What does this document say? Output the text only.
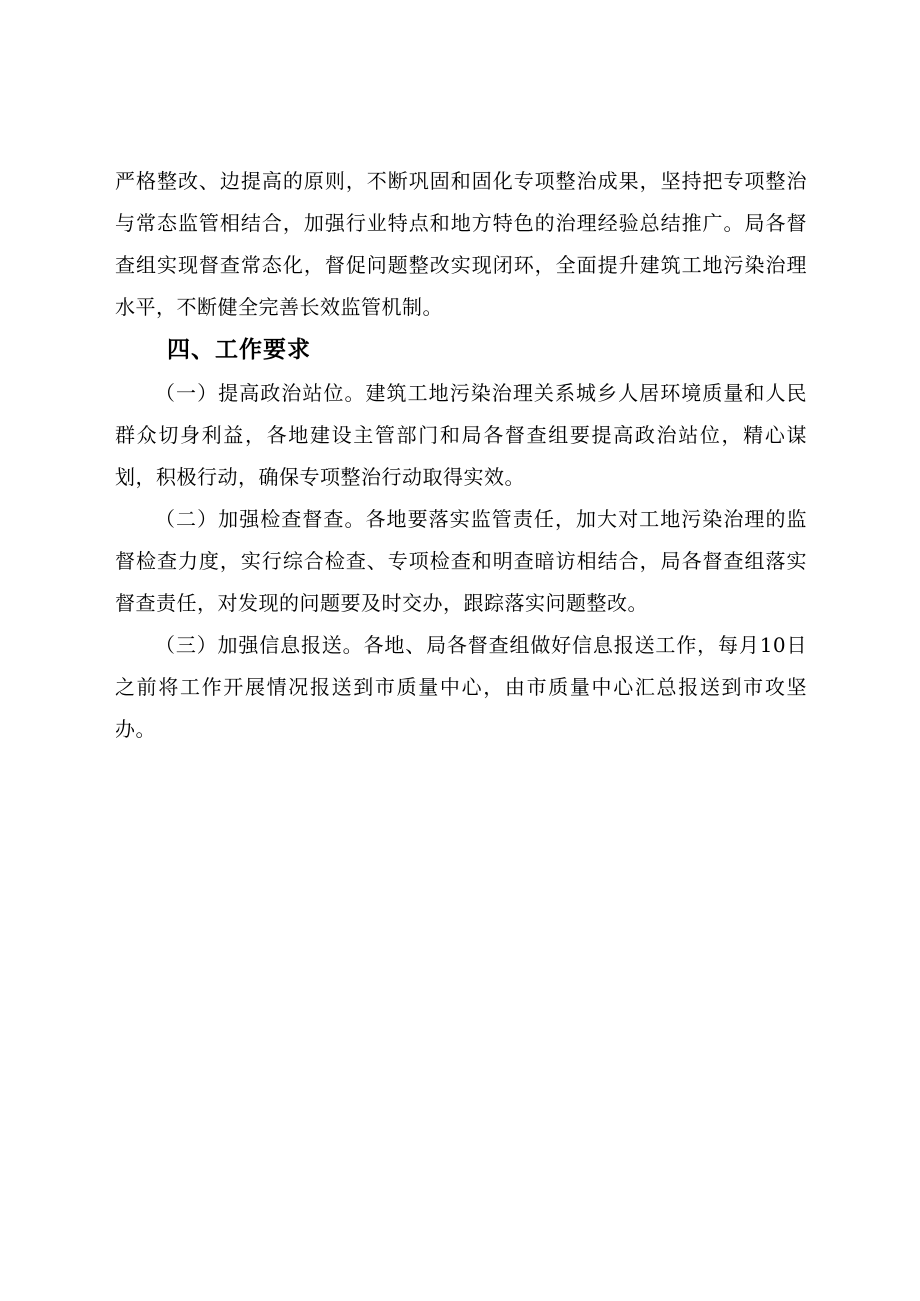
严格整改、边提高的原则，不断巩固和固化专项整治成果，坚持把专项整治与常态监管相结合，加强行业特点和地方特色的治理经验总结推广。局各督查组实现督查常态化，督促问题整改实现闭环，全面提升建筑工地污染治理水平，不断健全完善长效监管机制。

四、工作要求

（一）提高政治站位。建筑工地污染治理关系城乡人居环境质量和人民群众切身利益，各地建设主管部门和局各督查组要提高政治站位，精心谋划，积极行动，确保专项整治行动取得实效。

（二）加强检查督查。各地要落实监管责任，加大对工地污染治理的监督检查力度，实行综合检查、专项检查和明查暗访相结合，局各督查组落实督查责任，对发现的问题要及时交办，跟踪落实问题整改。

（三）加强信息报送。各地、局各督查组做好信息报送工作，每月10日之前将工作开展情况报送到市质量中心，由市质量中心汇总报送到市攻坚办。
